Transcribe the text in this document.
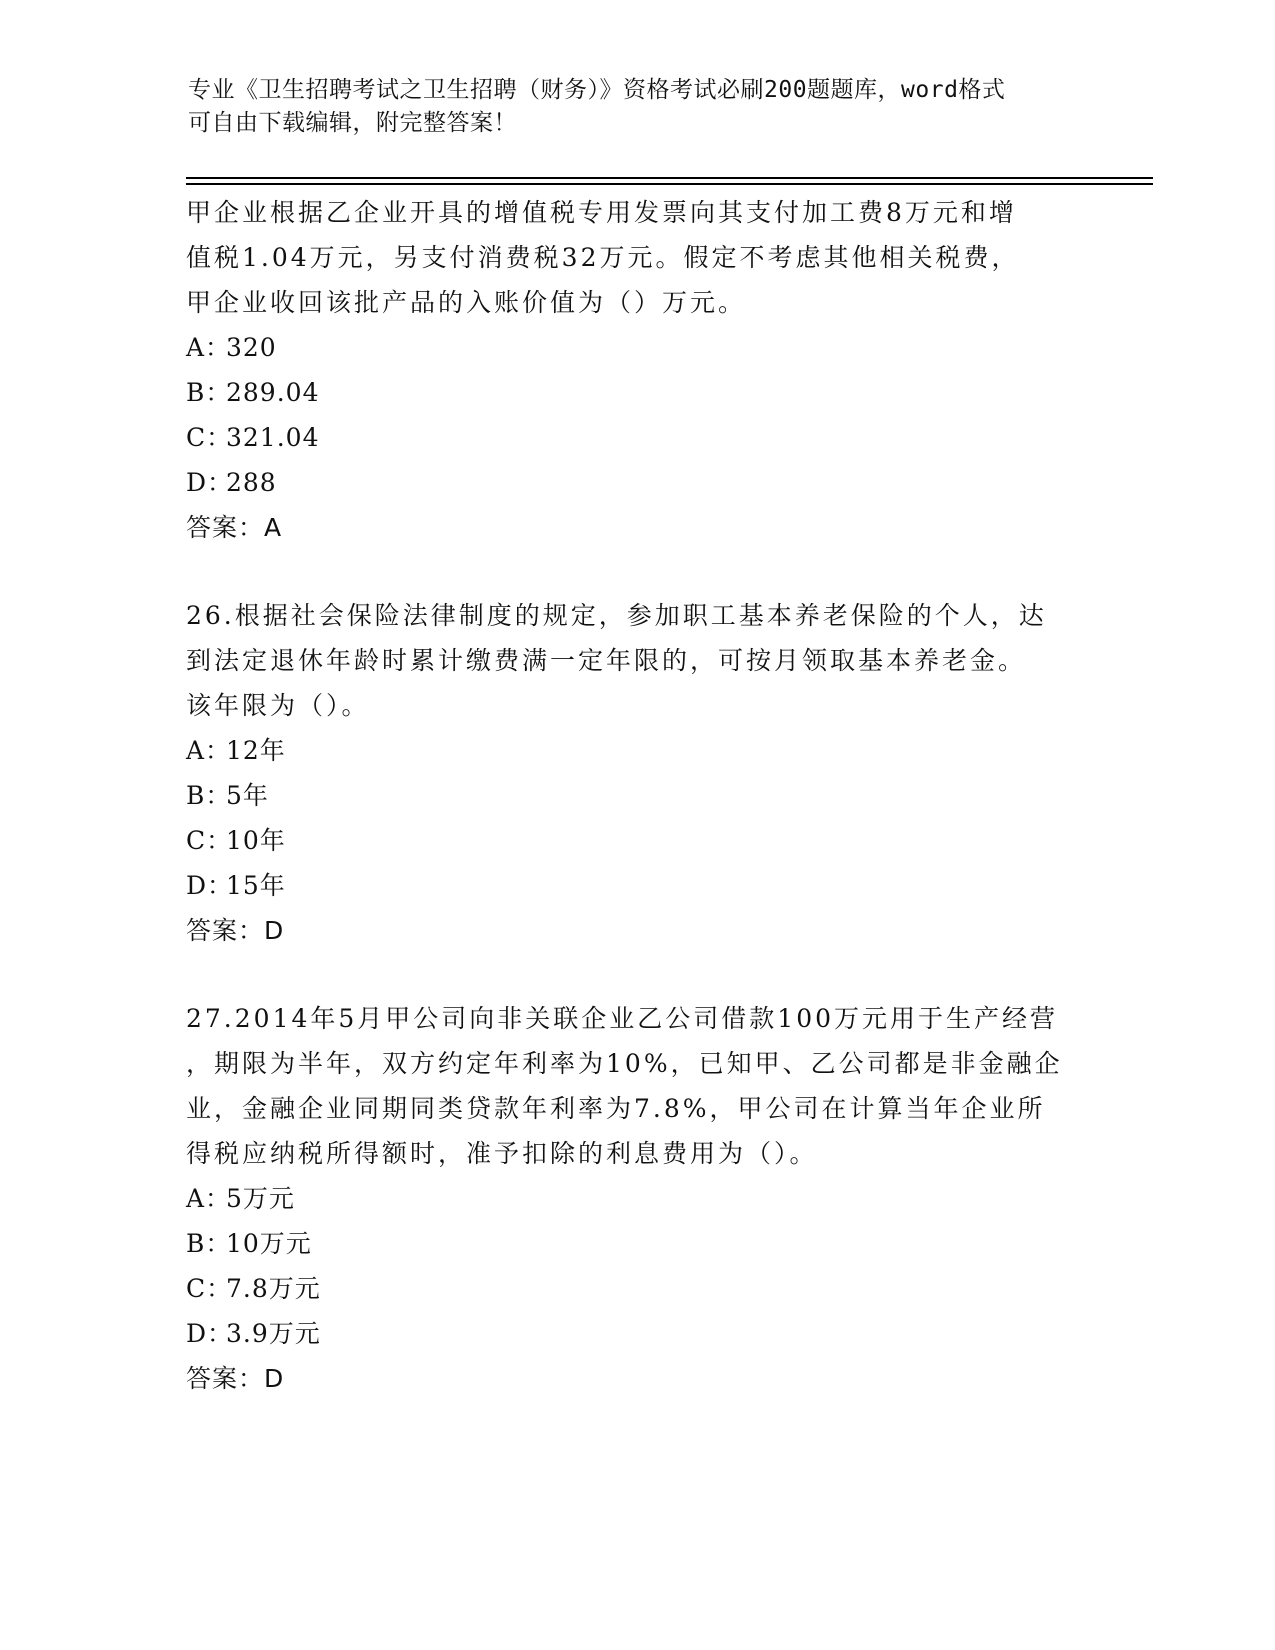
专业《卫生招聘考试之卫生招聘（财务）》资格考试必刷200题题库，word格式
可自由下载编辑，附完整答案！
甲企业根据乙企业开具的增值税专用发票向其支付加工费8万元和增
值税1.04万元，另支付消费税32万元。假定不考虑其他相关税费，
甲企业收回该批产品的入账价值为（）万元。
A：320
B：289.04
C：321.04
D：288
答案：A
26.根据社会保险法律制度的规定，参加职工基本养老保险的个人，达
到法定退休年龄时累计缴费满一定年限的，可按月领取基本养老金。
该年限为（）。
A：12年
B：5年
C：10年
D：15年
答案：D
27.2014年5月甲公司向非关联企业乙公司借款100万元用于生产经营
，期限为半年，双方约定年利率为10%，已知甲、乙公司都是非金融企
业，金融企业同期同类贷款年利率为7.8%，甲公司在计算当年企业所
得税应纳税所得额时，准予扣除的利息费用为（）。
A：5万元
B：10万元
C：7.8万元
D：3.9万元
答案：D
